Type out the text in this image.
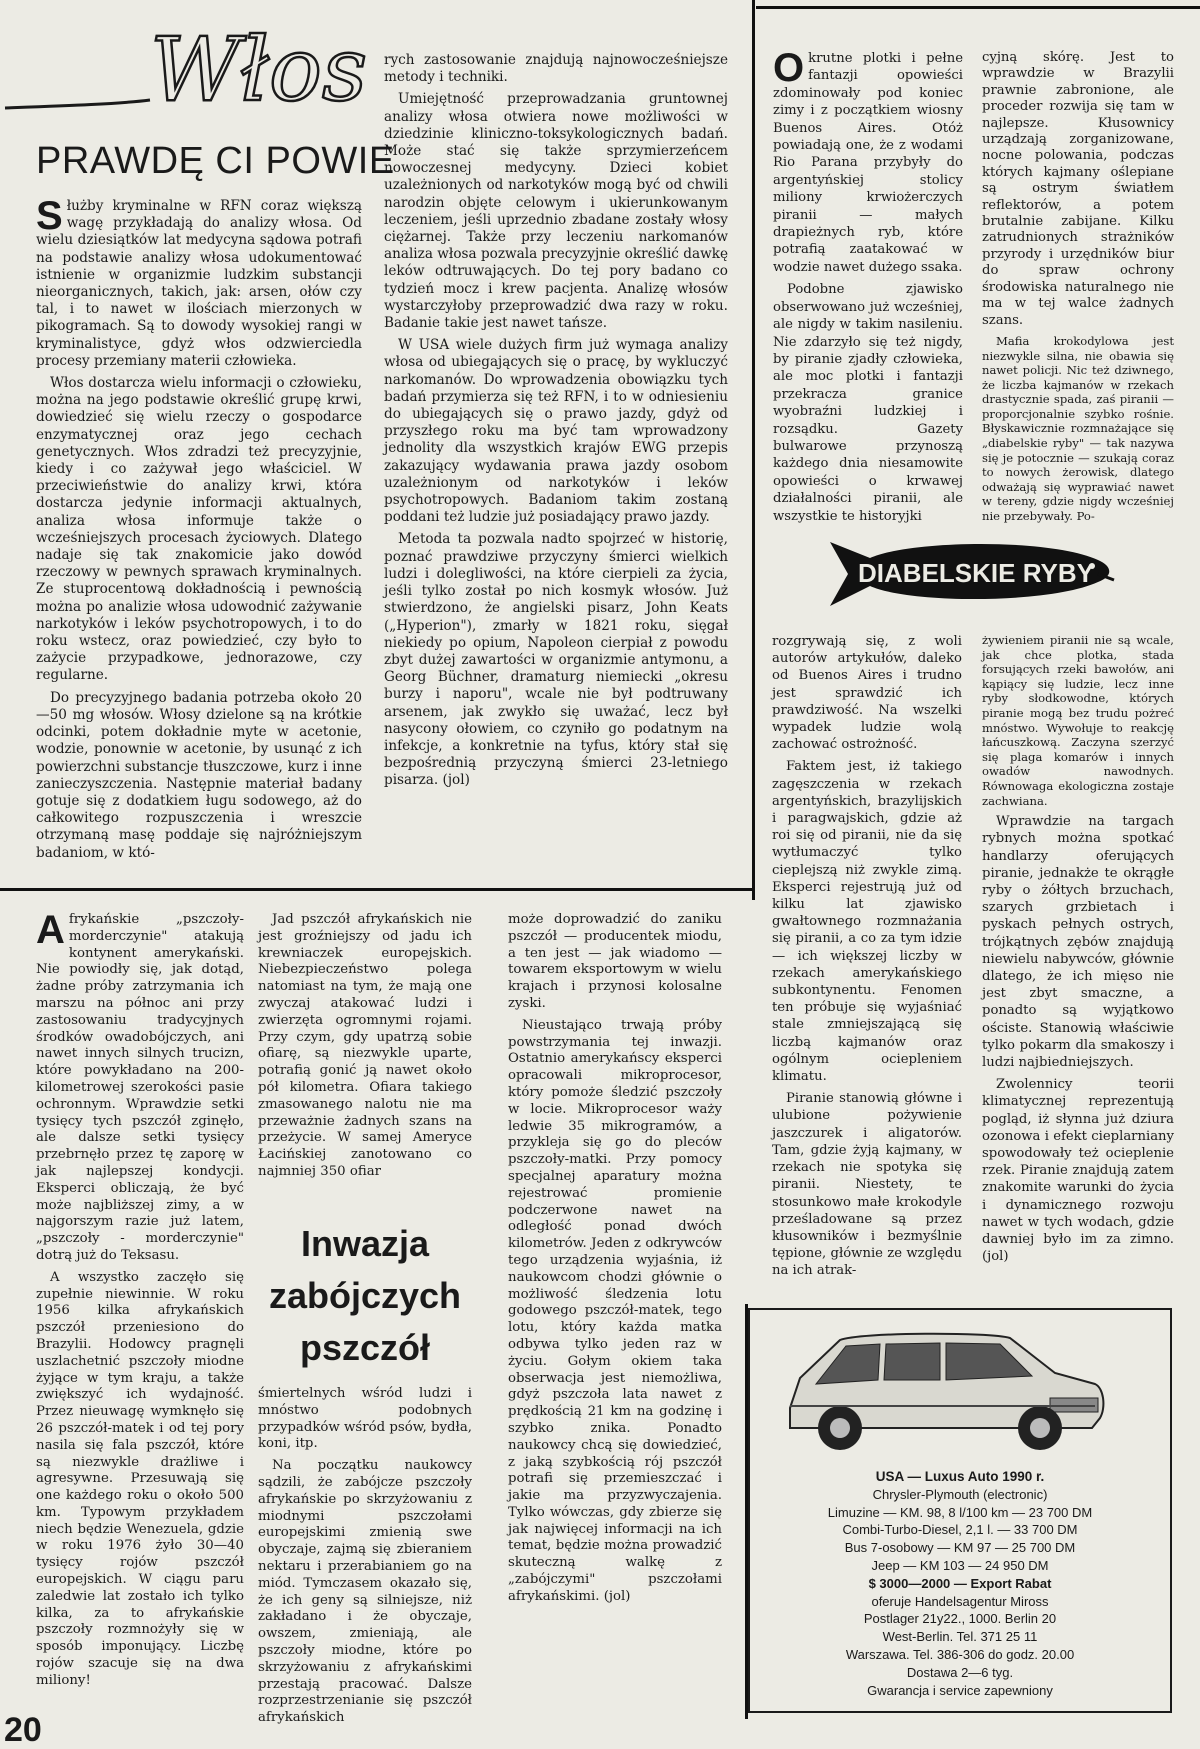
Włos
PRAWDĘ CI POWIE

Służby kryminalne w RFN coraz większą wagę przykładają do analizy włosa. Od wielu dziesiątków lat medycyna sądowa potrafi na podstawie analizy włosa udokumentować istnienie w organizmie ludzkim substancji nieorganicznych, takich, jak: arsen, ołów czy tal, i to nawet w ilościach mierzonych w pikogramach. Są to dowody wysokiej rangi w kryminalistyce, gdyż włos odzwierciedla procesy przemiany materii człowieka.

Włos dostarcza wielu informacji o człowieku, można na jego podstawie określić grupę krwi, dowiedzieć się wielu rzeczy o gospodarce enzymatycznej oraz jego cechach genetycznych. Włos zdradzi też precyzyjnie, kiedy i co zażywał jego właściciel. W przeciwieństwie do analizy krwi, która dostarcza jedynie informacji aktualnych, analiza włosa informuje także o wcześniejszych procesach życiowych. Dlatego nadaje się tak znakomicie jako dowód rzeczowy w pewnych sprawach kryminalnych. Ze stuprocentową dokładnością i pewnością można po analizie włosa udowodnić zażywanie narkotyków i leków psychotropowych, i to do roku wstecz, oraz powiedzieć, czy było to zażycie przypadkowe, jednorazowe, czy regularne.

Do precyzyjnego badania potrzeba około 20—50 mg włosów. Włosy dzielone są na krótkie odcinki, potem dokładnie myte w acetonie, wodzie, ponownie w acetonie, by usunąć z ich powierzchni substancje tłuszczowe, kurz i inne zanieczyszczenia. Następnie materiał badany gotuje się z dodatkiem ługu sodowego, aż do całkowitego rozpuszczenia i wreszcie otrzymaną masę poddaje się najróżniejszym badaniom, w któ-

rych zastosowanie znajdują najnowocześniejsze metody i techniki.

Umiejętność przeprowadzania gruntownej analizy włosa otwiera nowe możliwości w dziedzinie kliniczno-toksykologicznych badań. Może stać się także sprzymierzeńcem nowoczesnej medycyny. Dzieci kobiet uzależnionych od narkotyków mogą być od chwili narodzin objęte celowym i ukierunkowanym leczeniem, jeśli uprzednio zbadane zostały włosy ciężarnej. Także przy leczeniu narkomanów analiza włosa pozwala precyzyjnie określić dawkę leków odtruwających. Do tej pory badano co tydzień mocz i krew pacjenta. Analizę włosów wystarczyłoby przeprowadzić dwa razy w roku. Badanie takie jest nawet tańsze.

W USA wiele dużych firm już wymaga analizy włosa od ubiegających się o pracę, by wykluczyć narkomanów. Do wprowadzenia obowiązku tych badań przymierza się też RFN, i to w odniesieniu do ubiegających się o prawo jazdy, gdyż od przyszłego roku ma być tam wprowadzony jednolity dla wszystkich krajów EWG przepis zakazujący wydawania prawa jazdy osobom uzależnionym od narkotyków i leków psychotropowych. Badaniom takim zostaną poddani też ludzie już posiadający prawo jazdy.

Metoda ta pozwala nadto spojrzeć w historię, poznać prawdziwe przyczyny śmierci wielkich ludzi i dolegliwości, na które cierpieli za życia, jeśli tylko został po nich kosmyk włosów. Już stwierdzono, że angielski pisarz, John Keats („Hyperion"), zmarły w 1821 roku, sięgał niekiedy po opium, Napoleon cierpiał z powodu zbyt dużej zawartości w organizmie antymonu, a Georg Büchner, dramaturg niemiecki „okresu burzy i naporu", wcale nie był podtruwany arsenem, jak zwykło się uważać, lecz był nasycony ołowiem, co czyniło go podatnym na infekcje, a konkretnie na tyfus, który stał się bezpośrednią przyczyną śmierci 23-letniego pisarza. (jol)

Okrutne plotki i pełne fantazji opowieści zdominowały pod koniec zimy i z początkiem wiosny Buenos Aires. Otóż powiadają one, że z wodami Rio Parana przybyły do argentyńskiej stolicy miliony krwiożerczych piranii — małych drapieżnych ryb, które potrafią zaatakować w wodzie nawet dużego ssaka.

Podobne zjawisko obserwowano już wcześniej, ale nigdy w takim nasileniu. Nie zdarzyło się też nigdy, by piranie zjadły człowieka, ale moc plotki i fantazji przekracza granice wyobraźni ludzkiej i rozsądku. Gazety bulwarowe przynoszą każdego dnia niesamowite opowieści o krwawej działalności piranii, ale wszystkie te historyjki

cyjną skórę. Jest to wprawdzie w Brazylii prawnie zabronione, ale proceder rozwija się tam w najlepsze. Kłusownicy urządzają zorganizowane, nocne polowania, podczas których kajmany oślepiane są ostrym światłem reflektorów, a potem brutalnie zabijane. Kilku zatrudnionych strażników przyrody i urzędników biur do spraw ochrony środowiska naturalnego nie ma w tej walce żadnych szans.

Mafia krokodylowa jest niezwykle silna, nie obawia się nawet policji. Nic też dziwnego, że liczba kajmanów w rzekach drastycznie spada, zaś piranii — proporcjonalnie szybko rośnie. Błyskawicznie rozmnażające się „diabelskie ryby" — tak nazywa się je potocznie — szukają coraz to nowych żerowisk, dlatego odważają się wyprawiać nawet w tereny, gdzie nigdy wcześniej nie przebywały. Po-

DIABELSKIE RYBY

rozgrywają się, z woli autorów artykułów, daleko od Buenos Aires i trudno jest sprawdzić ich prawdziwość. Na wszelki wypadek ludzie wolą zachować ostrożność.

Faktem jest, iż takiego zagęszczenia w rzekach argentyńskich, brazylijskich i paragwajskich, gdzie aż roi się od piranii, nie da się wytłumaczyć tylko cieplejszą niż zwykle zimą. Eksperci rejestrują już od kilku lat zjawisko gwałtownego rozmnażania się piranii, a co za tym idzie — ich większej liczby w rzekach amerykańskiego subkontynentu. Fenomen ten próbuje się wyjaśniać stale zmniejszającą się liczbą kajmanów oraz ogólnym ociepleniem klimatu.

Piranie stanowią główne i ulubione pożywienie jaszczurek i aligatorów. Tam, gdzie żyją kajmany, w rzekach nie spotyka się piranii. Niestety, te stosunkowo małe krokodyle prześladowane są przez kłusowników i bezmyślnie tępione, głównie ze względu na ich atrak-

żywieniem piranii nie są wcale, jak chce plotka, stada forsujących rzeki bawołów, ani kąpiący się ludzie, lecz inne ryby słodkowodne, których piranie mogą bez trudu pożreć mnóstwo. Wywołuje to reakcję łańcuszkową. Zaczyna szerzyć się plaga komarów i innych owadów nawodnych. Równowaga ekologiczna zostaje zachwiana.

Wprawdzie na targach rybnych można spotkać handlarzy oferujących piranie, jednakże te okrągłe ryby o żółtych brzuchach, szarych grzbietach i pyskach pełnych ostrych, trójkątnych zębów znajdują niewielu nabywców, głównie dlatego, że ich mięso nie jest zbyt smaczne, a ponadto są wyjątkowo ościste. Stanowią właściwie tylko pokarm dla smakoszy i ludzi najbiedniejszych.

Zwolennicy teorii klimatycznej reprezentują pogląd, iż słynna już dziura ozonowa i efekt cieplarniany spowodowały też ocieplenie rzek. Piranie znajdują zatem znakomite warunki do życia i dynamicznego rozwoju nawet w tych wodach, gdzie dawniej było im za zimno. (jol)

Afrykańskie „pszczoły-morderczynie" atakują kontynent amerykański. Nie powiodły się, jak dotąd, żadne próby zatrzymania ich marszu na północ ani przy zastosowaniu tradycyjnych środków owadobójczych, ani nawet innych silnych trucizn, które powykładano na 200-kilometrowej szerokości pasie ochronnym. Wprawdzie setki tysięcy tych pszczół zginęło, ale dalsze setki tysięcy przebrnęło przez tę zaporę w jak najlepszej kondycji. Eksperci obliczają, że być może najbliższej zimy, a w najgorszym razie już latem, „pszczoły - morderczynie" dotrą już do Teksasu.

A wszystko zaczęło się zupełnie niewinnie. W roku 1956 kilka afrykańskich pszczół przeniesiono do Brazylii. Hodowcy pragnęli uszlachetnić pszczoły miodne żyjące w tym kraju, a także zwiększyć ich wydajność. Przez nieuwagę wymknęło się 26 pszczół-matek i od tej pory nasila się fala pszczół, które są niezwykle drażliwe i agresywne. Przesuwają się one każdego roku o około 500 km. Typowym przykładem niech będzie Wenezuela, gdzie w roku 1976 żyło 30—40 tysięcy rojów pszczół europejskich. W ciągu paru zaledwie lat zostało ich tylko kilka, za to afrykańskie pszczoły rozmnożyły się w sposób imponujący. Liczbę rojów szacuje się na dwa miliony!

Jad pszczół afrykańskich nie jest groźniejszy od jadu ich krewniaczek europejskich. Niebezpieczeństwo polega natomiast na tym, że mają one zwyczaj atakować ludzi i zwierzęta ogromnymi rojami. Przy czym, gdy upatrzą sobie ofiarę, są niezwykle uparte, potrafią gonić ją nawet około pół kilometra. Ofiara takiego zmasowanego nalotu nie ma przeważnie żadnych szans na przeżycie. W samej Ameryce Łacińskiej zanotowano co najmniej 350 ofiar

Inwazja
zabójczych
pszczół

śmiertelnych wśród ludzi i mnóstwo podobnych przypadków wśród psów, bydła, koni, itp.

Na początku naukowcy sądzili, że zabójcze pszczoły afrykańskie po skrzyżowaniu z miodnymi pszczołami europejskimi zmienią swe obyczaje, zajmą się zbieraniem nektaru i przerabianiem go na miód. Tymczasem okazało się, że ich geny są silniejsze, niż zakładano i że obyczaje, owszem, zmieniają, ale pszczoły miodne, które po skrzyżowaniu z afrykańskimi przestają pracować. Dalsze rozprzestrzenianie się pszczół afrykańskich

może doprowadzić do zaniku pszczół — producentek miodu, a ten jest — jak wiadomo — towarem eksportowym w wielu krajach i przynosi kolosalne zyski.

Nieustająco trwają próby powstrzymania tej inwazji. Ostatnio amerykańscy eksperci opracowali mikroprocesor, który pomoże śledzić pszczoły w locie. Mikroprocesor waży ledwie 35 mikrogramów, a przykleja się go do pleców pszczoły-matki. Przy pomocy specjalnej aparatury można rejestrować promienie podczerwone nawet na odległość ponad dwóch kilometrów. Jeden z odkrywców tego urządzenia wyjaśnia, iż naukowcom chodzi głównie o możliwość śledzenia lotu godowego pszczół-matek, tego lotu, który każda matka odbywa tylko jeden raz w życiu. Gołym okiem taka obserwacja jest niemożliwa, gdyż pszczoła lata nawet z prędkością 21 km na godzinę i szybko znika. Ponadto naukowcy chcą się dowiedzieć, z jaką szybkością rój pszczół potrafi się przemieszczać i jakie ma przyzwyczajenia. Tylko wówczas, gdy zbierze się jak najwięcej informacji na ich temat, będzie można prowadzić skuteczną walkę z „zabójczymi" pszczołami afrykańskimi. (jol)

USA — Luxus Auto 1990 r.
Chrysler-Plymouth (electronic)
Limuzine — KM. 98, 8 l/100 km — 23 700 DM
Combi-Turbo-Diesel, 2,1 l. — 33 700 DM
Bus 7-osobowy — KM 97 — 25 700 DM
Jeep — KM 103 — 24 950 DM
$ 3000—2000 — Export Rabat
oferuje Handelsagentur Miross
Postlager 21y22., 1000. Berlin 20
West-Berlin. Tel. 371 25 11
Warszawa. Tel. 386-306 do godz. 20.00
Dostawa 2—6 tyg.
Gwarancja i service zapewniony
20
